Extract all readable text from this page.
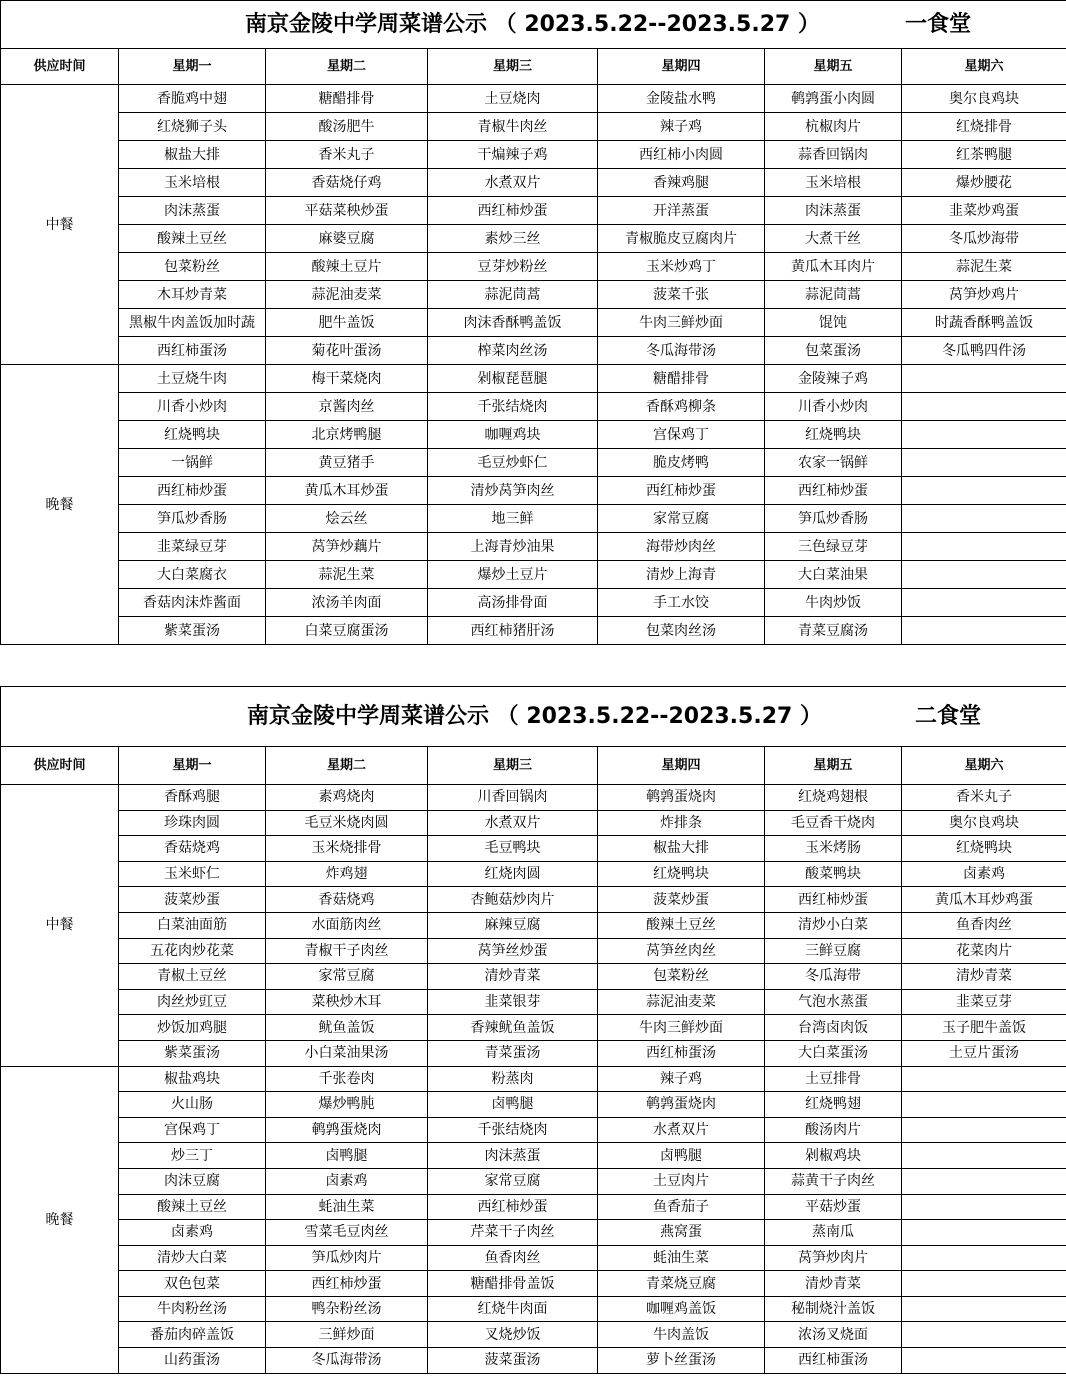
南京金陵中学周菜谱公示 （ 2023.5.22--2023.5.27 ） 一食堂						

供应时间	星期一	星期二	星期三	星期四	星期五	星期六
中餐	香脆鸡中翅	糖醋排骨	土豆烧肉	金陵盐水鸭	鹌鹑蛋小肉圆	奥尔良鸡块
	红烧狮子头	酸汤肥牛	青椒牛肉丝	辣子鸡	杭椒肉片	红烧排骨
	椒盐大排	香米丸子	干煸辣子鸡	西红柿小肉圆	蒜香回锅肉	红茶鸭腿
	玉米培根	香菇烧仔鸡	水煮双片	香辣鸡腿	玉米培根	爆炒腰花
	肉沫蒸蛋	平菇菜秧炒蛋	西红柿炒蛋	开洋蒸蛋	肉沫蒸蛋	韭菜炒鸡蛋
	酸辣土豆丝	麻婆豆腐	素炒三丝	青椒脆皮豆腐肉片	大煮干丝	冬瓜炒海带
	包菜粉丝	酸辣土豆片	豆芽炒粉丝	玉米炒鸡丁	黄瓜木耳肉片	蒜泥生菜
	木耳炒青菜	蒜泥油麦菜	蒜泥茼蒿	菠菜千张	蒜泥茼蒿	莴笋炒鸡片
	黑椒牛肉盖饭加时蔬	肥牛盖饭	肉沫香酥鸭盖饭	牛肉三鲜炒面	馄饨	时蔬香酥鸭盖饭
	西红柿蛋汤	菊花叶蛋汤	榨菜肉丝汤	冬瓜海带汤	包菜蛋汤	冬瓜鸭四件汤
晚餐	土豆烧牛肉	梅干菜烧肉	剁椒琵琶腿	糖醋排骨	金陵辣子鸡	
	川香小炒肉	京酱肉丝	千张结烧肉	香酥鸡柳条	川香小炒肉	
	红烧鸭块	北京烤鸭腿	咖喱鸡块	宫保鸡丁	红烧鸭块	
	一锅鲜	黄豆猪手	毛豆炒虾仁	脆皮烤鸭	农家一锅鲜	
	西红柿炒蛋	黄瓜木耳炒蛋	清炒莴笋肉丝	西红柿炒蛋	西红柿炒蛋	
	笋瓜炒香肠	烩云丝	地三鲜	家常豆腐	笋瓜炒香肠	
	韭菜绿豆芽	莴笋炒藕片	上海青炒油果	海带炒肉丝	三色绿豆芽	
	大白菜腐衣	蒜泥生菜	爆炒土豆片	清炒上海青	大白菜油果	
	香菇肉沫炸酱面	浓汤羊肉面	高汤排骨面	手工水饺	牛肉炒饭	
	紫菜蛋汤	白菜豆腐蛋汤	西红柿猪肝汤	包菜肉丝汤	青菜豆腐汤	
南京金陵中学周菜谱公示 （ 2023.5.22--2023.5.27 ） 二食堂						

供应时间	星期一	星期二	星期三	星期四	星期五	星期六
中餐	香酥鸡腿	素鸡烧肉	川香回锅肉	鹌鹑蛋烧肉	红烧鸡翅根	香米丸子
	珍珠肉圆	毛豆米烧肉圆	水煮双片	炸排条	毛豆香干烧肉	奥尔良鸡块
	香菇烧鸡	玉米烧排骨	毛豆鸭块	椒盐大排	玉米烤肠	红烧鸭块
	玉米虾仁	炸鸡翅	红烧肉圆	红烧鸭块	酸菜鸭块	卤素鸡
	菠菜炒蛋	香菇烧鸡	杏鲍菇炒肉片	菠菜炒蛋	西红柿炒蛋	黄瓜木耳炒鸡蛋
	白菜油面筋	水面筋肉丝	麻辣豆腐	酸辣土豆丝	清炒小白菜	鱼香肉丝
	五花肉炒花菜	青椒干子肉丝	莴笋丝炒蛋	莴笋丝肉丝	三鲜豆腐	花菜肉片
	青椒土豆丝	家常豆腐	清炒青菜	包菜粉丝	冬瓜海带	清炒青菜
	肉丝炒豇豆	菜秧炒木耳	韭菜银芽	蒜泥油麦菜	气泡水蒸蛋	韭菜豆芽
	炒饭加鸡腿	鱿鱼盖饭	香辣鱿鱼盖饭	牛肉三鲜炒面	台湾卤肉饭	玉子肥牛盖饭
	紫菜蛋汤	小白菜油果汤	青菜蛋汤	西红柿蛋汤	大白菜蛋汤	土豆片蛋汤
晚餐	椒盐鸡块	千张卷肉	粉蒸肉	辣子鸡	土豆排骨	
	火山肠	爆炒鸭肫	卤鸭腿	鹌鹑蛋烧肉	红烧鸭翅	
	宫保鸡丁	鹌鹑蛋烧肉	千张结烧肉	水煮双片	酸汤肉片	
	炒三丁	卤鸭腿	肉沫蒸蛋	卤鸭腿	剁椒鸡块	
	肉沫豆腐	卤素鸡	家常豆腐	土豆肉片	蒜黄干子肉丝	
	酸辣土豆丝	蚝油生菜	西红柿炒蛋	鱼香茄子	平菇炒蛋	
	卤素鸡	雪菜毛豆肉丝	芹菜干子肉丝	燕窝蛋	蒸南瓜	
	清炒大白菜	笋瓜炒肉片	鱼香肉丝	蚝油生菜	莴笋炒肉片	
	双色包菜	西红柿炒蛋	糖醋排骨盖饭	青菜烧豆腐	清炒青菜	
	牛肉粉丝汤	鸭杂粉丝汤	红烧牛肉面	咖喱鸡盖饭	秘制烧汁盖饭	
	番茄肉碎盖饭	三鲜炒面	叉烧炒饭	牛肉盖饭	浓汤叉烧面	
	山药蛋汤	冬瓜海带汤	菠菜蛋汤	萝卜丝蛋汤	西红柿蛋汤	
